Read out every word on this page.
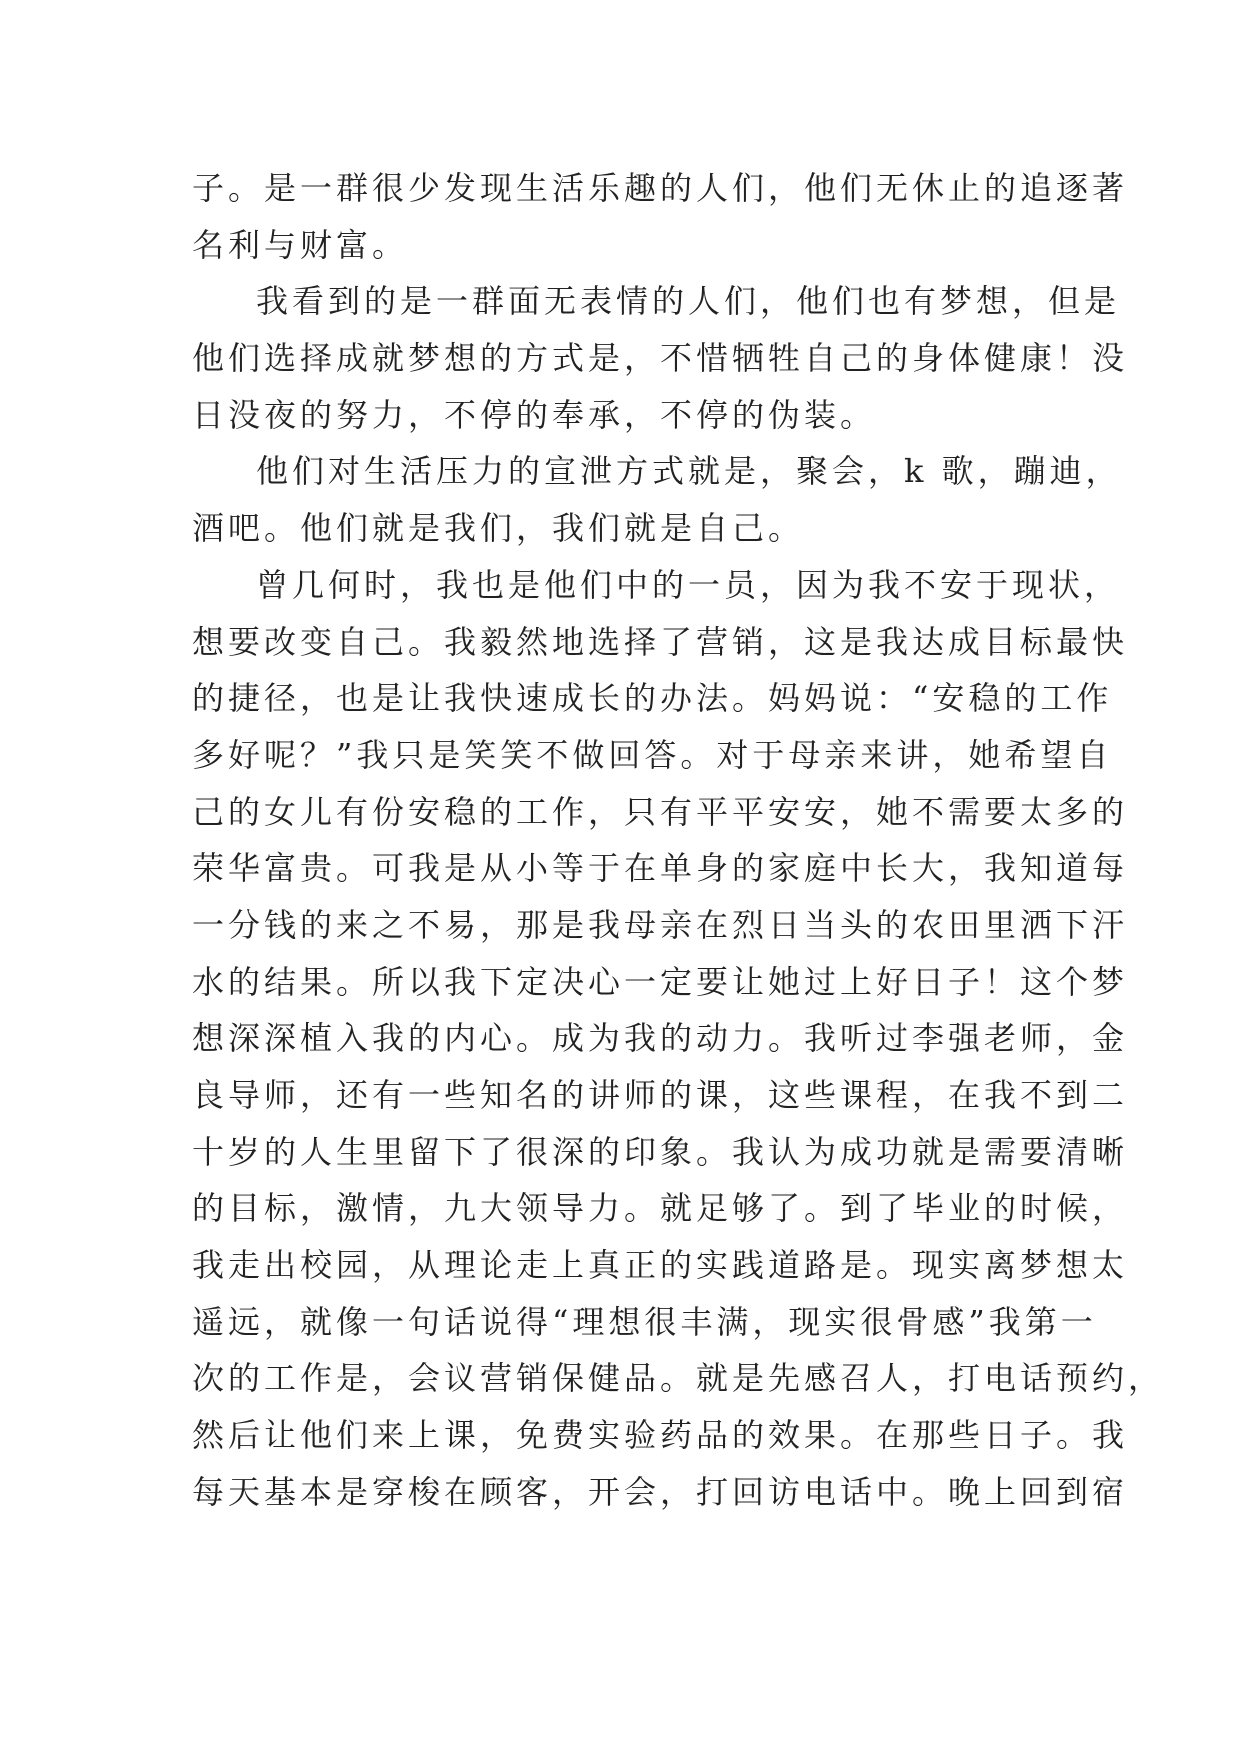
子。是一群很少发现生活乐趣的人们，他们无休止的追逐著
名利与财富。
我看到的是一群面无表情的人们，他们也有梦想，但是
他们选择成就梦想的方式是，不惜牺牲自己的身体健康！没
日没夜的努力，不停的奉承，不停的伪装。
他们对生活压力的宣泄方式就是，聚会，k 歌，蹦迪，
酒吧。他们就是我们，我们就是自己。
曾几何时，我也是他们中的一员，因为我不安于现状，
想要改变自己。我毅然地选择了营销，这是我达成目标最快
的捷径，也是让我快速成长的办法。妈妈说：“安稳的工作
多好呢？”我只是笑笑不做回答。对于母亲来讲，她希望自
己的女儿有份安稳的工作，只有平平安安，她不需要太多的
荣华富贵。可我是从小等于在单身的家庭中长大，我知道每
一分钱的来之不易，那是我母亲在烈日当头的农田里洒下汗
水的结果。所以我下定决心一定要让她过上好日子！这个梦
想深深植入我的内心。成为我的动力。我听过李强老师，金
良导师，还有一些知名的讲师的课，这些课程，在我不到二
十岁的人生里留下了很深的印象。我认为成功就是需要清晰
的目标，激情，九大领导力。就足够了。到了毕业的时候，
我走出校园，从理论走上真正的实践道路是。现实离梦想太
遥远，就像一句话说得“理想很丰满，现实很骨感”我第一
次的工作是，会议营销保健品。就是先感召人，打电话预约，
然后让他们来上课，免费实验药品的效果。在那些日子。我
每天基本是穿梭在顾客，开会，打回访电话中。晚上回到宿
